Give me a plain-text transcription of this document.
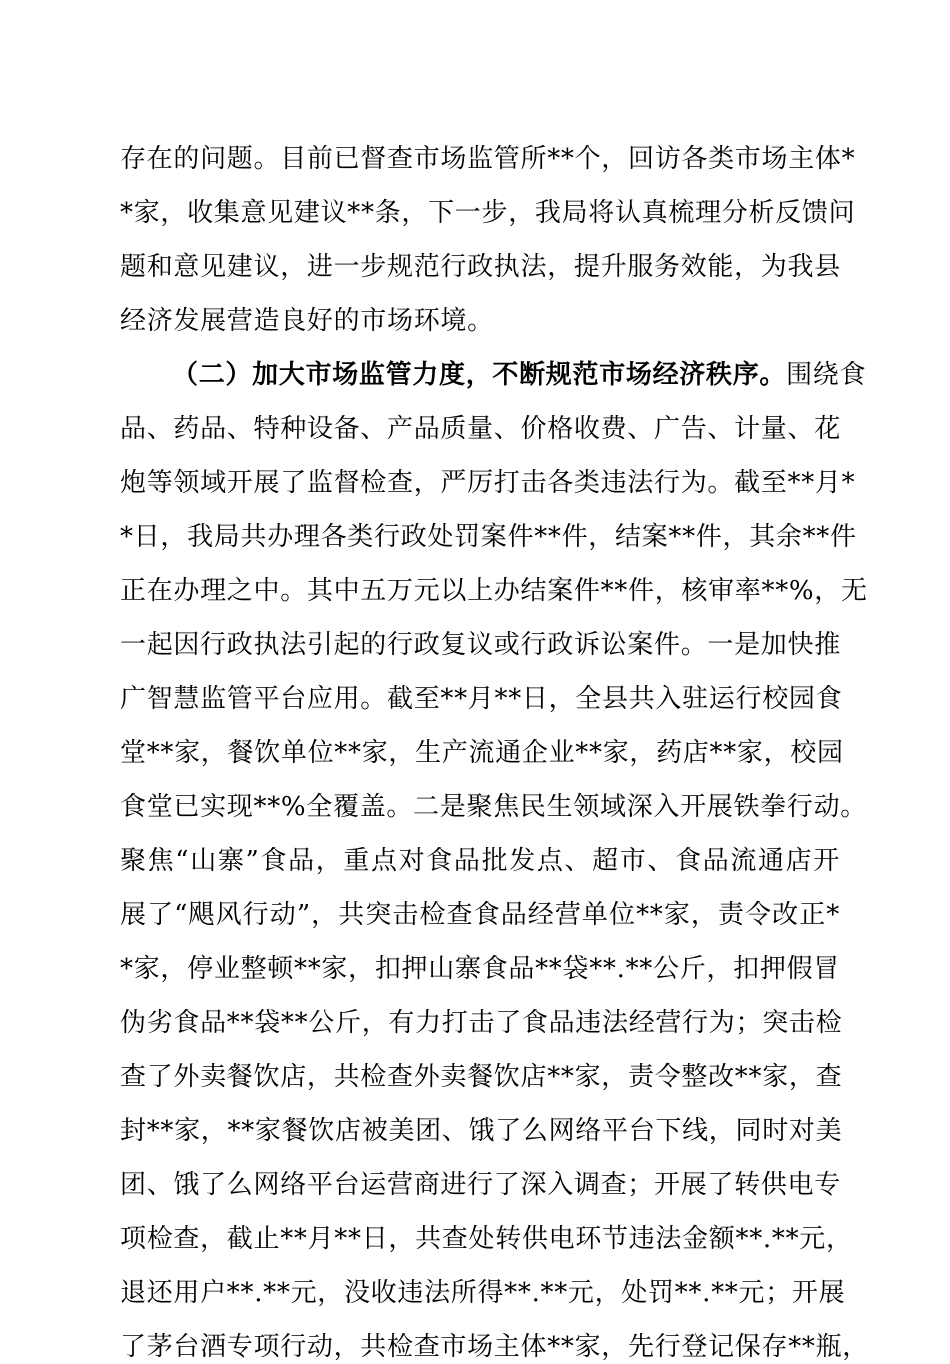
存在的问题。目前已督查市场监管所**个，回访各类市场主体*
*家，收集意见建议**条，下一步，我局将认真梳理分析反馈问
题和意见建议，进一步规范行政执法，提升服务效能，为我县
经济发展营造良好的市场环境。
（二）加大市场监管力度，不断规范市场经济秩序。围绕食
品、药品、特种设备、产品质量、价格收费、广告、计量、花
炮等领域开展了监督检查，严厉打击各类违法行为。截至**月*
*日，我局共办理各类行政处罚案件**件，结案**件，其余**件
正在办理之中。其中五万元以上办结案件**件，核审率**%，无
一起因行政执法引起的行政复议或行政诉讼案件。一是加快推
广智慧监管平台应用。截至**月**日，全县共入驻运行校园食
堂**家，餐饮单位**家，生产流通企业**家，药店**家，校园
食堂已实现**%全覆盖。二是聚焦民生领域深入开展铁拳行动。
聚焦“山寨”食品，重点对食品批发点、超市、食品流通店开
展了“飓风行动”，共突击检查食品经营单位**家，责令改正*
*家，停业整顿**家，扣押山寨食品**袋**.**公斤，扣押假冒
伪劣食品**袋**公斤，有力打击了食品违法经营行为；突击检
查了外卖餐饮店，共检查外卖餐饮店**家，责令整改**家，查
封**家，**家餐饮店被美团、饿了么网络平台下线，同时对美
团、饿了么网络平台运营商进行了深入调查；开展了转供电专
项检查，截止**月**日，共查处转供电环节违法金额**.**元，
退还用户**.**元，没收违法所得**.**元，处罚**.**元；开展
了茅台酒专项行动，共检查市场主体**家，先行登记保存**瓶，
